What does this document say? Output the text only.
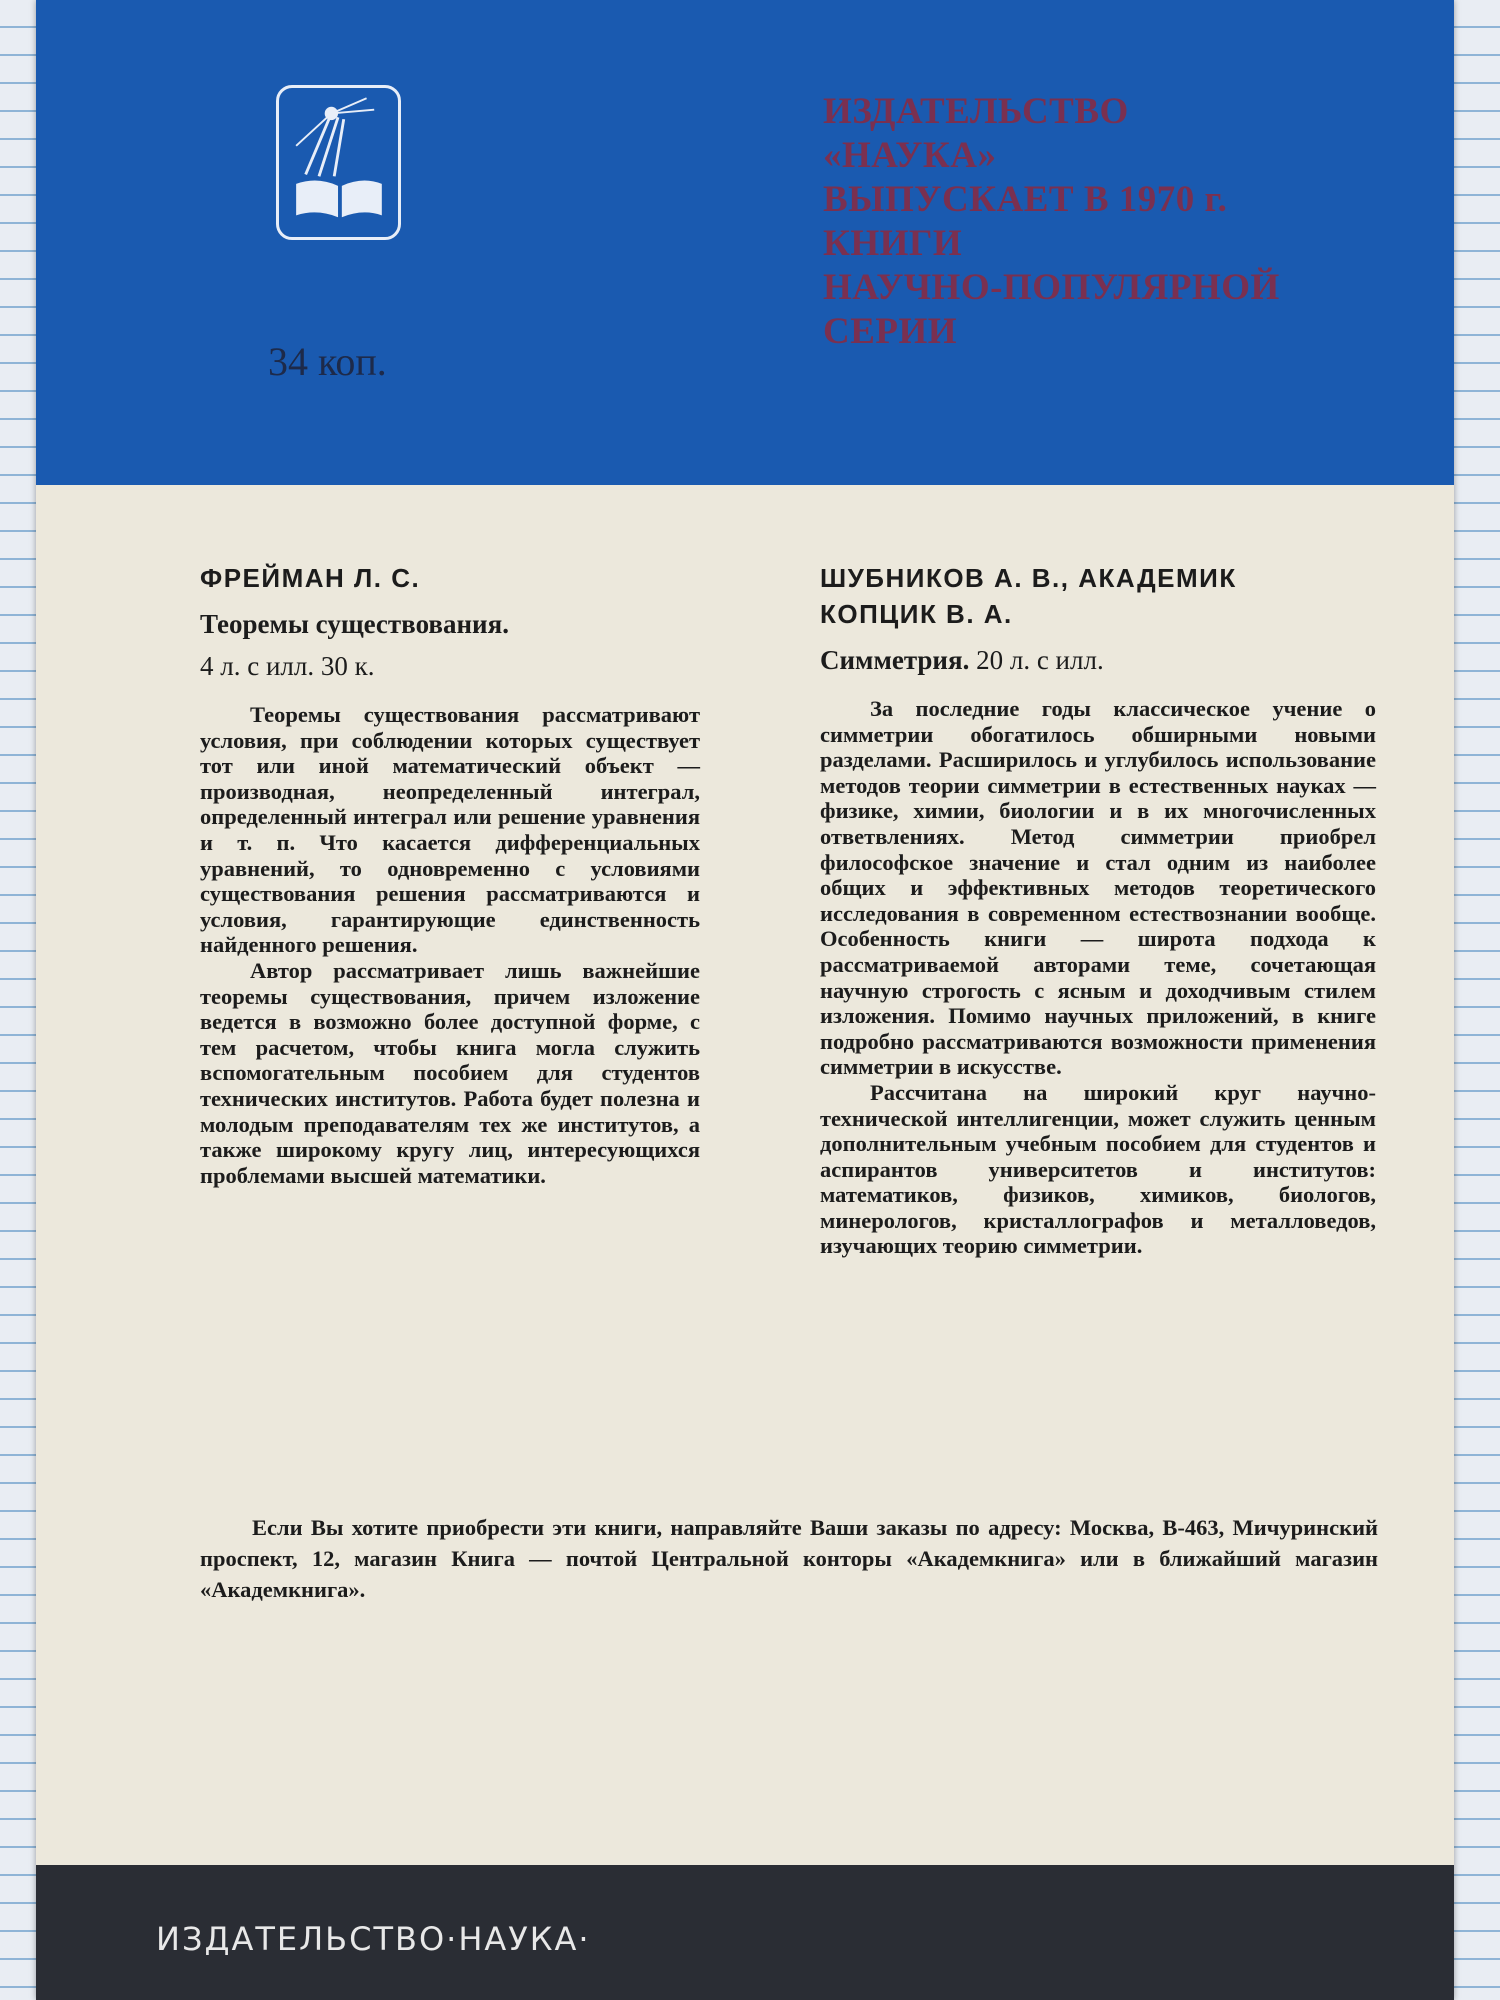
34 коп.
ИЗДАТЕЛЬСТВО
«НАУКА»
ВЫПУСКАЕТ В 1970 г.
КНИГИ
НАУЧНО-ПОПУЛЯРНОЙ
СЕРИИ
ФРЕЙМАН Л. С.
Теоремы существования.
4 л. с илл. 30 к.

Теоремы существования рассматривают условия, при соблюдении которых существует тот или иной математический объект — производная, неопределенный интеграл, определенный интеграл или решение уравнения и т. п. Что касается дифференциальных уравнений, то одновременно с условиями существования решения рассматриваются и условия, гарантирующие единственность найденного решения.

Автор рассматривает лишь важнейшие теоремы существования, причем изложение ведется в возможно более доступной форме, с тем расчетом, чтобы книга могла служить вспомогательным пособием для студентов технических институтов. Работа будет полезна и молодым преподавателям тех же институтов, а также широкому кругу лиц, интересующихся проблемами высшей математики.

ШУБНИКОВ А. В., АКАДЕМИК
КОПЦИК В. А.
Симметрия. 20 л. с илл.

За последние годы классическое учение о симметрии обогатилось обширными новыми разделами. Расширилось и углубилось использование методов теории симметрии в естественных науках — физике, химии, биологии и в их многочисленных ответвлениях. Метод симметрии приобрел философское значение и стал одним из наиболее общих и эффективных методов теоретического исследования в современном естествознании вообще. Особенность книги — широта подхода к рассматриваемой авторами теме, сочетающая научную строгость с ясным и доходчивым стилем изложения. Помимо научных приложений, в книге подробно рассматриваются возможности применения симметрии в искусстве.

Рассчитана на широкий круг научно-технической интеллигенции, может служить ценным дополнительным учебным пособием для студентов и аспирантов университетов и институтов: математиков, физиков, химиков, биологов, минерологов, кристаллографов и металловедов, изучающих теорию симметрии.

Если Вы хотите приобрести эти книги, направляйте Ваши заказы по адресу: Москва, В-463, Мичуринский проспект, 12, магазин Книга — почтой Центральной конторы «Академкнига» или в ближайший магазин «Академкнига».
ИЗДАТЕЛЬСТВО·НАУКА·
